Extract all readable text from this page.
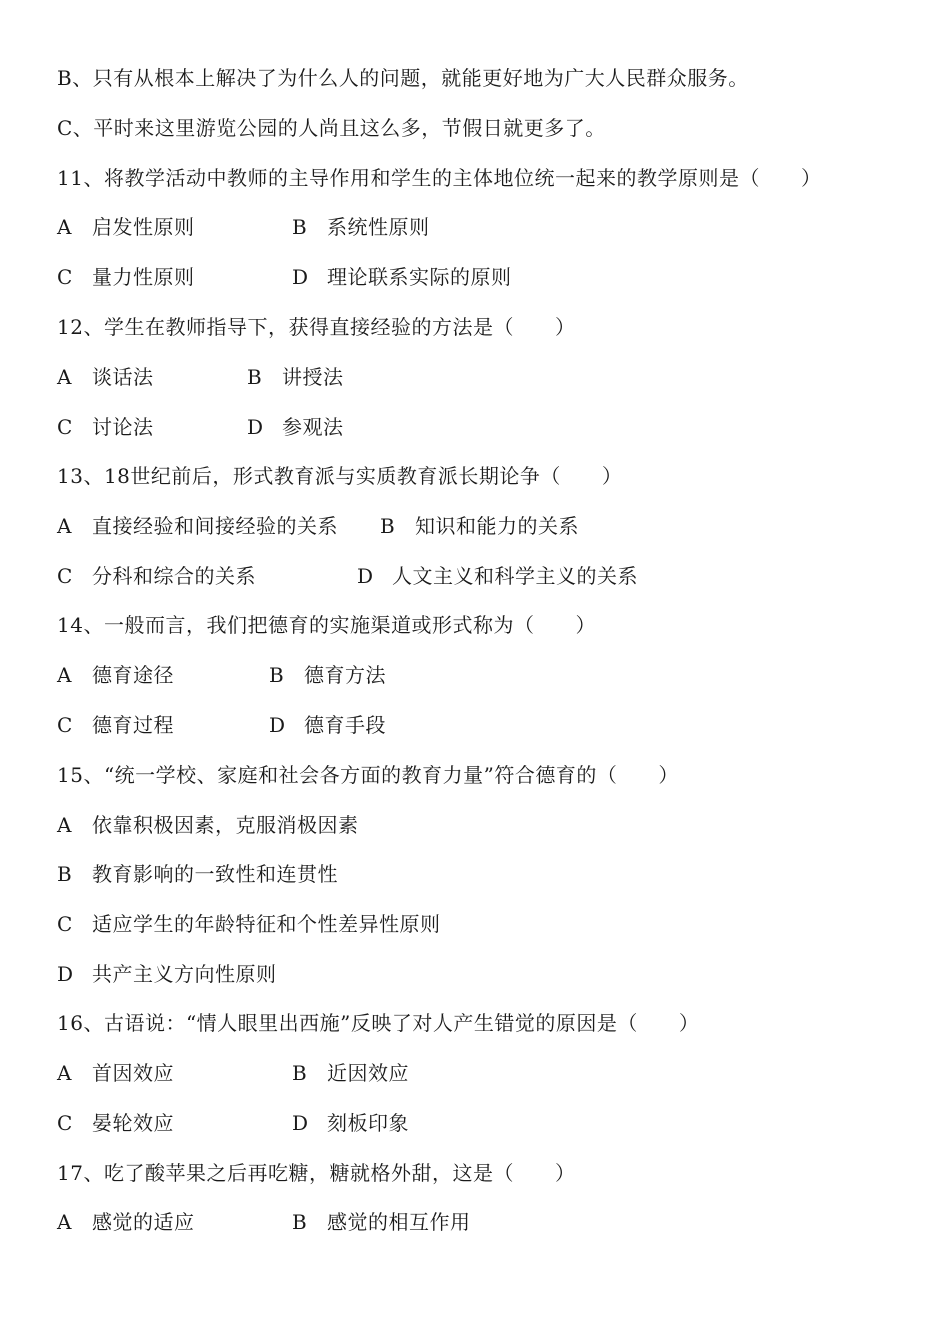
B、只有从根本上解决了为什么人的问题，就能更好地为广大人民群众服务。
C、平时来这里游览公园的人尚且这么多，节假日就更多了。
11、将教学活动中教师的主导作用和学生的主体地位统一起来的教学原则是（　　）
A 启发性原则	B 系统性原则
C 量力性原则	D 理论联系实际的原则
12、学生在教师指导下，获得直接经验的方法是（　　）
A 谈话法	B 讲授法
C 讨论法	D 参观法
13、18世纪前后，形式教育派与实质教育派长期论争（　　）
A 直接经验和间接经验的关系 B 知识和能力的关系
C 分科和综合的关系	D 人文主义和科学主义的关系
14、一般而言，我们把德育的实施渠道或形式称为（　　）
A 德育途径	B 德育方法
C 德育过程	D 德育手段
15、“统一学校、家庭和社会各方面的教育力量”符合德育的（　　）
A 依靠积极因素，克服消极因素
B 教育影响的一致性和连贯性
C 适应学生的年龄特征和个性差异性原则
D 共产主义方向性原则
16、古语说：“情人眼里出西施”反映了对人产生错觉的原因是（　　）
A 首因效应	B 近因效应
C 晏轮效应	D 刻板印象
17、吃了酸苹果之后再吃糖，糖就格外甜，这是（　　）
A 感觉的适应	B 感觉的相互作用
